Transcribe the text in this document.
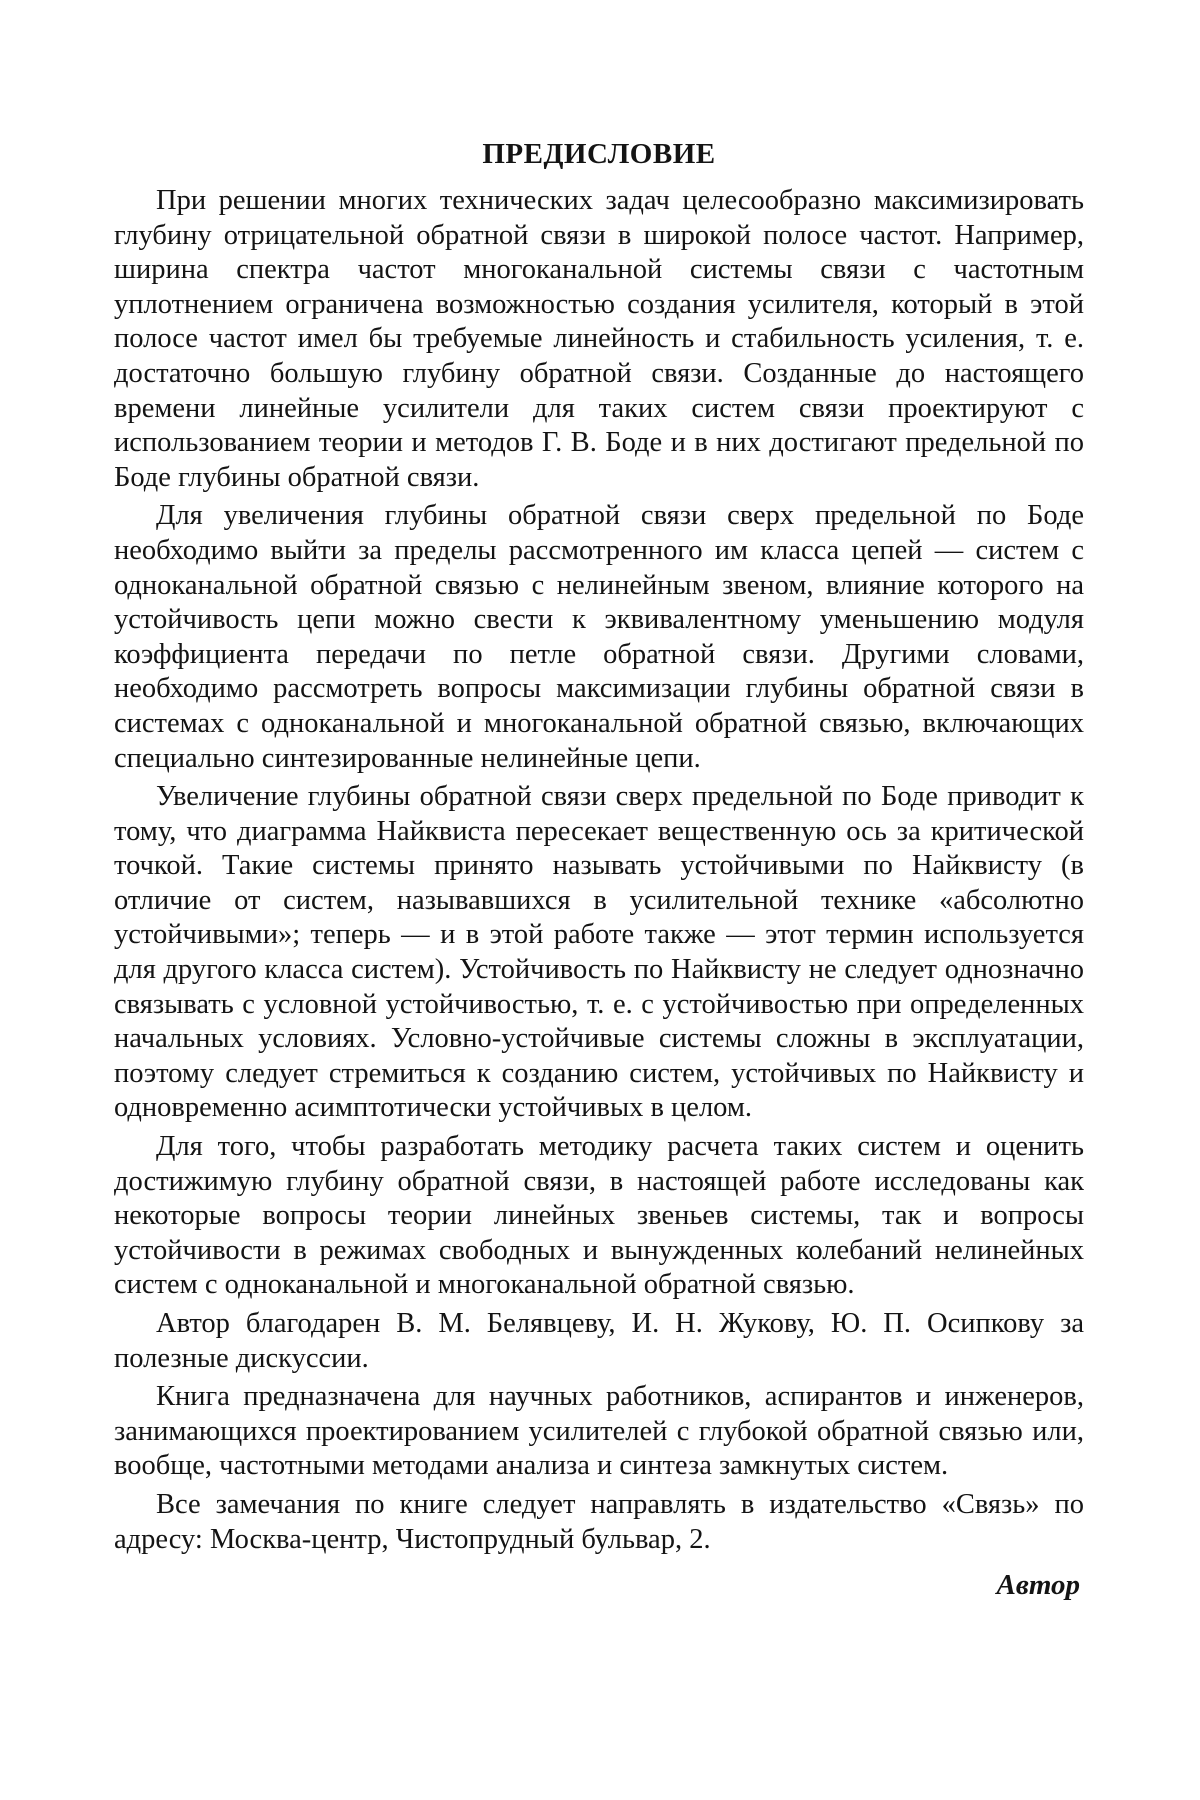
ПРЕДИСЛОВИЕ

При решении многих технических задач целесообразно максимизировать глубину отрицательной обратной связи в широкой полосе частот. Например, ширина спектра частот многоканальной системы связи с частотным уплотнением ограничена возможностью создания усилителя, который в этой полосе частот имел бы требуемые линейность и стабильность усиления, т. е. достаточно большую глубину обратной связи. Созданные до настоящего времени линейные усилители для таких систем связи проектируют с использованием теории и методов Г. В. Боде и в них достигают предельной по Боде глубины обратной связи.

Для увеличения глубины обратной связи сверх предельной по Боде необходимо выйти за пределы рассмотренного им класса цепей — систем с одноканальной обратной связью с нелинейным звеном, влияние которого на устойчивость цепи можно свести к эквивалентному уменьшению модуля коэффициента передачи по петле обратной связи. Другими словами, необходимо рассмотреть вопросы максимизации глубины обратной связи в системах с одноканальной и многоканальной обратной связью, включающих специально синтезированные нелинейные цепи.

Увеличение глубины обратной связи сверх предельной по Боде приводит к тому, что диаграмма Найквиста пересекает вещественную ось за критической точкой. Такие системы принято называть устойчивыми по Найквисту (в отличие от систем, называвшихся в усилительной технике «абсолютно устойчивыми»; теперь — и в этой работе также — этот термин используется для другого класса систем). Устойчивость по Найквисту не следует однозначно связывать с условной устойчивостью, т. е. с устойчивостью при определенных начальных условиях. Условно-устойчивые системы сложны в эксплуатации, поэтому следует стремиться к созданию систем, устойчивых по Найквисту и одновременно асимптотически устойчивых в целом.

Для того, чтобы разработать методику расчета таких систем и оценить достижимую глубину обратной связи, в настоящей работе исследованы как некоторые вопросы теории линейных звеньев системы, так и вопросы устойчивости в режимах свободных и вынужденных колебаний нелинейных систем с одноканальной и многоканальной обратной связью.

Автор благодарен В. М. Белявцеву, И. Н. Жукову, Ю. П. Осипкову за полезные дискуссии.

Книга предназначена для научных работников, аспирантов и инженеров, занимающихся проектированием усилителей с глубокой обратной связью или, вообще, частотными методами анализа и синтеза замкнутых систем.

Все замечания по книге следует направлять в издательство «Связь» по адресу: Москва-центр, Чистопрудный бульвар, 2.

Автор
